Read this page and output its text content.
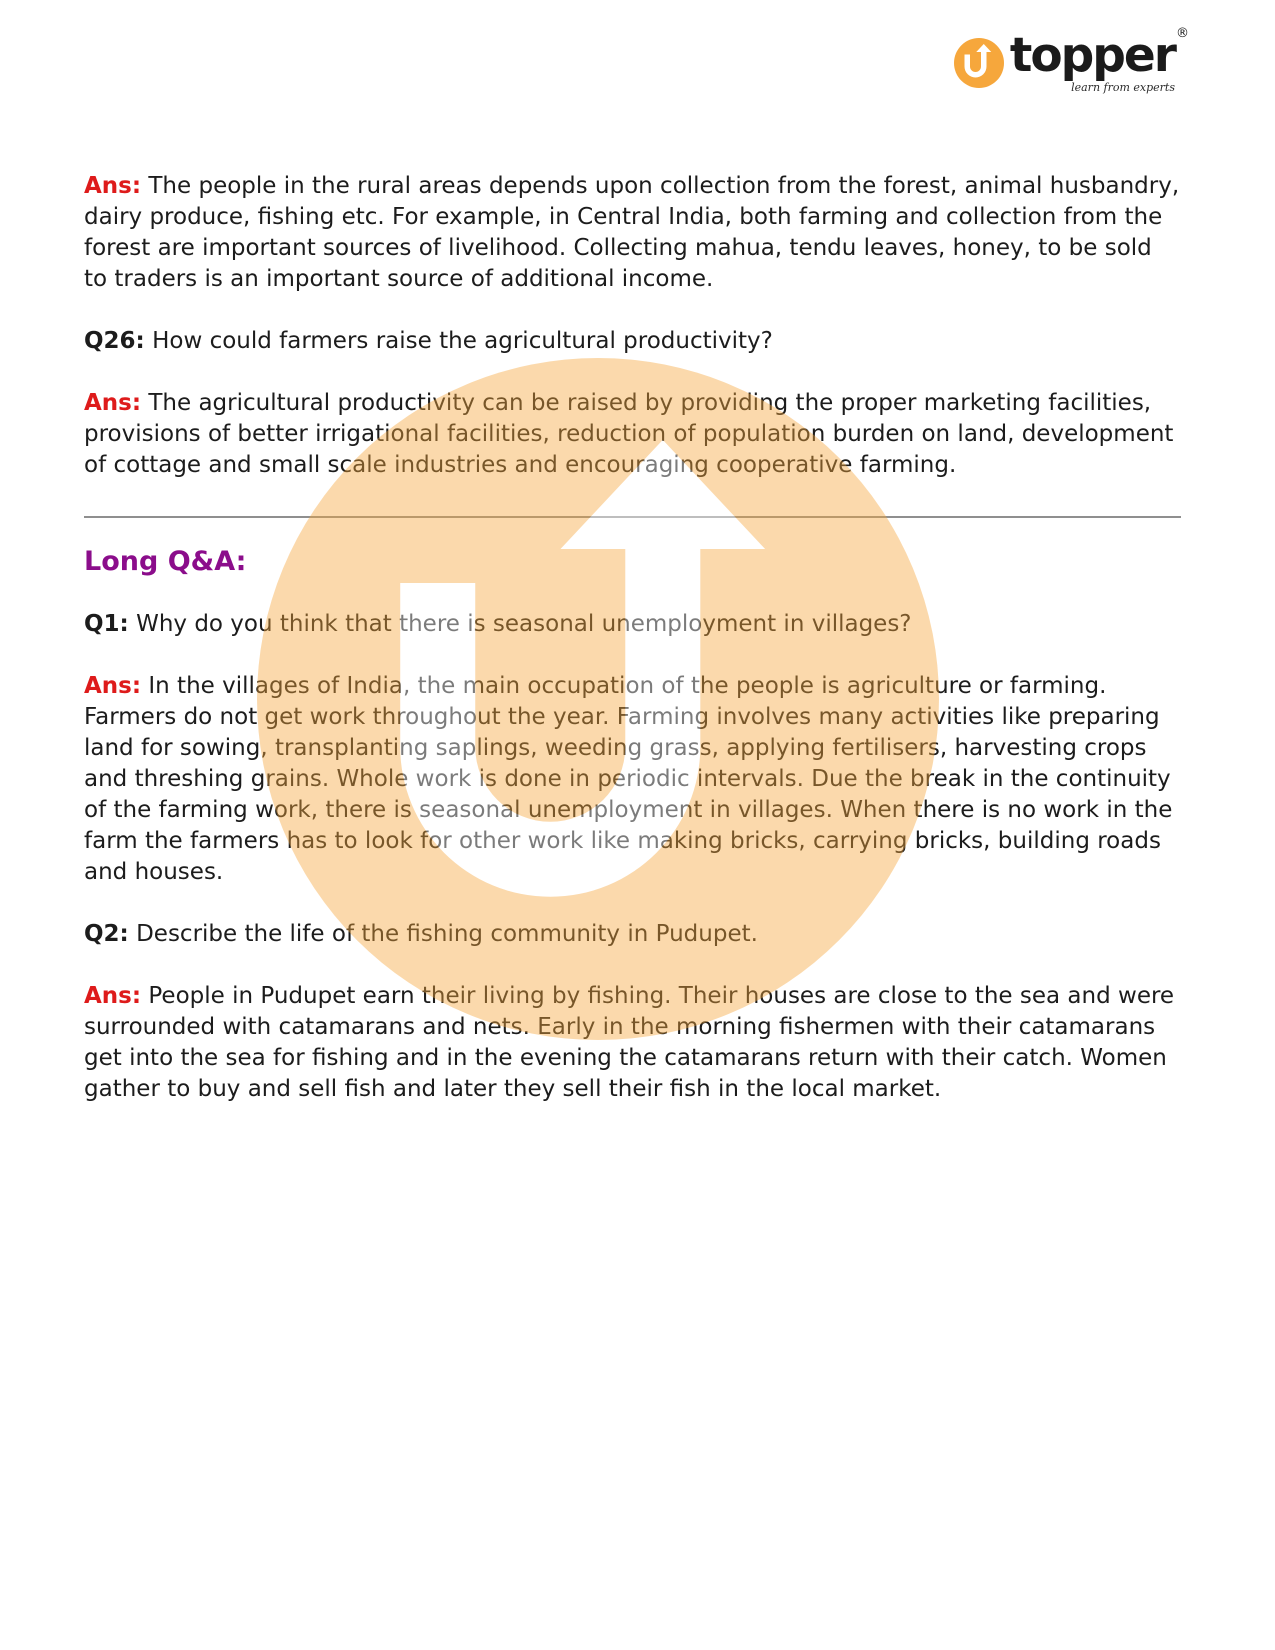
topper ®
learn from experts

Ans: The people in the rural areas depends upon collection from the forest, animal husbandry, dairy produce, fishing etc. For example, in Central India, both farming and collection from the forest are important sources of livelihood. Collecting mahua, tendu leaves, honey, to be sold to traders is an important source of additional income.

Q26: How could farmers raise the agricultural productivity?

Ans: The agricultural productivity can be raised by providing the proper marketing facilities, provisions of better irrigational facilities, reduction of population burden on land, development of cottage and small scale industries and encouraging cooperative farming.

Long Q&A:

Q1: Why do you think that there is seasonal unemployment in villages?

Ans: In the villages of India, the main occupation of the people is agriculture or farming. Farmers do not get work throughout the year. Farming involves many activities like preparing land for sowing, transplanting saplings, weeding grass, applying fertilisers, harvesting crops and threshing grains. Whole work is done in periodic intervals. Due the break in the continuity of the farming work, there is seasonal unemployment in villages. When there is no work in the farm the farmers has to look for other work like making bricks, carrying bricks, building roads and houses.

Q2: Describe the life of the fishing community in Pudupet.

Ans: People in Pudupet earn their living by fishing. Their houses are close to the sea and were surrounded with catamarans and nets. Early in the morning fishermen with their catamarans get into the sea for fishing and in the evening the catamarans return with their catch. Women gather to buy and sell fish and later they sell their fish in the local market.
